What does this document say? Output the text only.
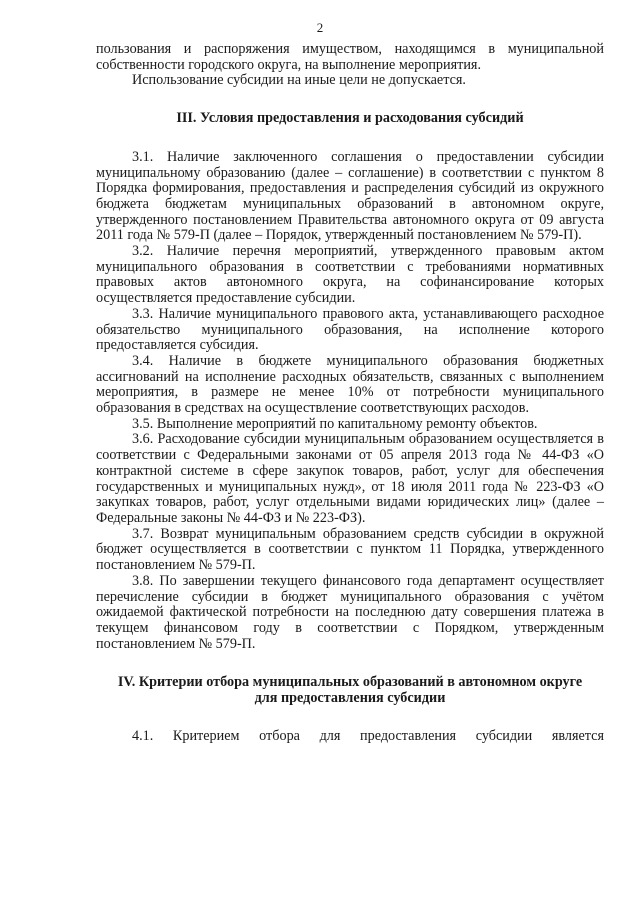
2

пользования и распоряжения имуществом, находящимся в муниципальной собственности городского округа, на выполнение мероприятия.

Использование субсидии на иные цели не допускается.

III. Условия предоставления и расходования субсидий

3.1. Наличие заключенного соглашения о предоставлении субсидии муниципальному образованию (далее – соглашение) в соответствии с пунктом 8 Порядка формирования, предоставления и распределения субсидий из окружного бюджета бюджетам муниципальных образований в автономном округе, утвержденного постановлением Правительства автономного округа от 09 августа 2011 года № 579-П (далее – Порядок, утвержденный постановлением № 579-П).

3.2. Наличие перечня мероприятий, утвержденного правовым актом муниципального образования в соответствии с требованиями нормативных правовых актов автономного округа, на софинансирование которых осуществляется предоставление субсидии.

3.3. Наличие муниципального правового акта, устанавливающего расходное обязательство муниципального образования, на исполнение которого предоставляется субсидия.

3.4. Наличие в бюджете муниципального образования бюджетных ассигнований на исполнение расходных обязательств, связанных с выполнением мероприятия, в размере не менее 10% от потребности муниципального образования в средствах на осуществление соответствующих расходов.

3.5. Выполнение мероприятий по капитальному ремонту объектов.

3.6. Расходование субсидии муниципальным образованием осуществляется в соответствии с Федеральными законами от 05 апреля 2013 года № 44-ФЗ «О контрактной системе в сфере закупок товаров, работ, услуг для обеспечения государственных и муниципальных нужд», от 18 июля 2011 года № 223-ФЗ «О закупках товаров, работ, услуг отдельными видами юридических лиц» (далее – Федеральные законы № 44-ФЗ и № 223-ФЗ).

3.7. Возврат муниципальным образованием средств субсидии в окружной бюджет осуществляется в соответствии с пунктом 11 Порядка, утвержденного постановлением № 579-П.

3.8. По завершении текущего финансового года департамент осуществляет перечисление субсидии в бюджет муниципального образования с учётом ожидаемой фактической потребности на последнюю дату совершения платежа в текущем финансовом году в соответствии с Порядком, утвержденным постановлением № 579-П.

IV. Критерии отбора муниципальных образований в автономном округе
для предоставления субсидии

4.1. Критерием отбора для предоставления субсидии является
